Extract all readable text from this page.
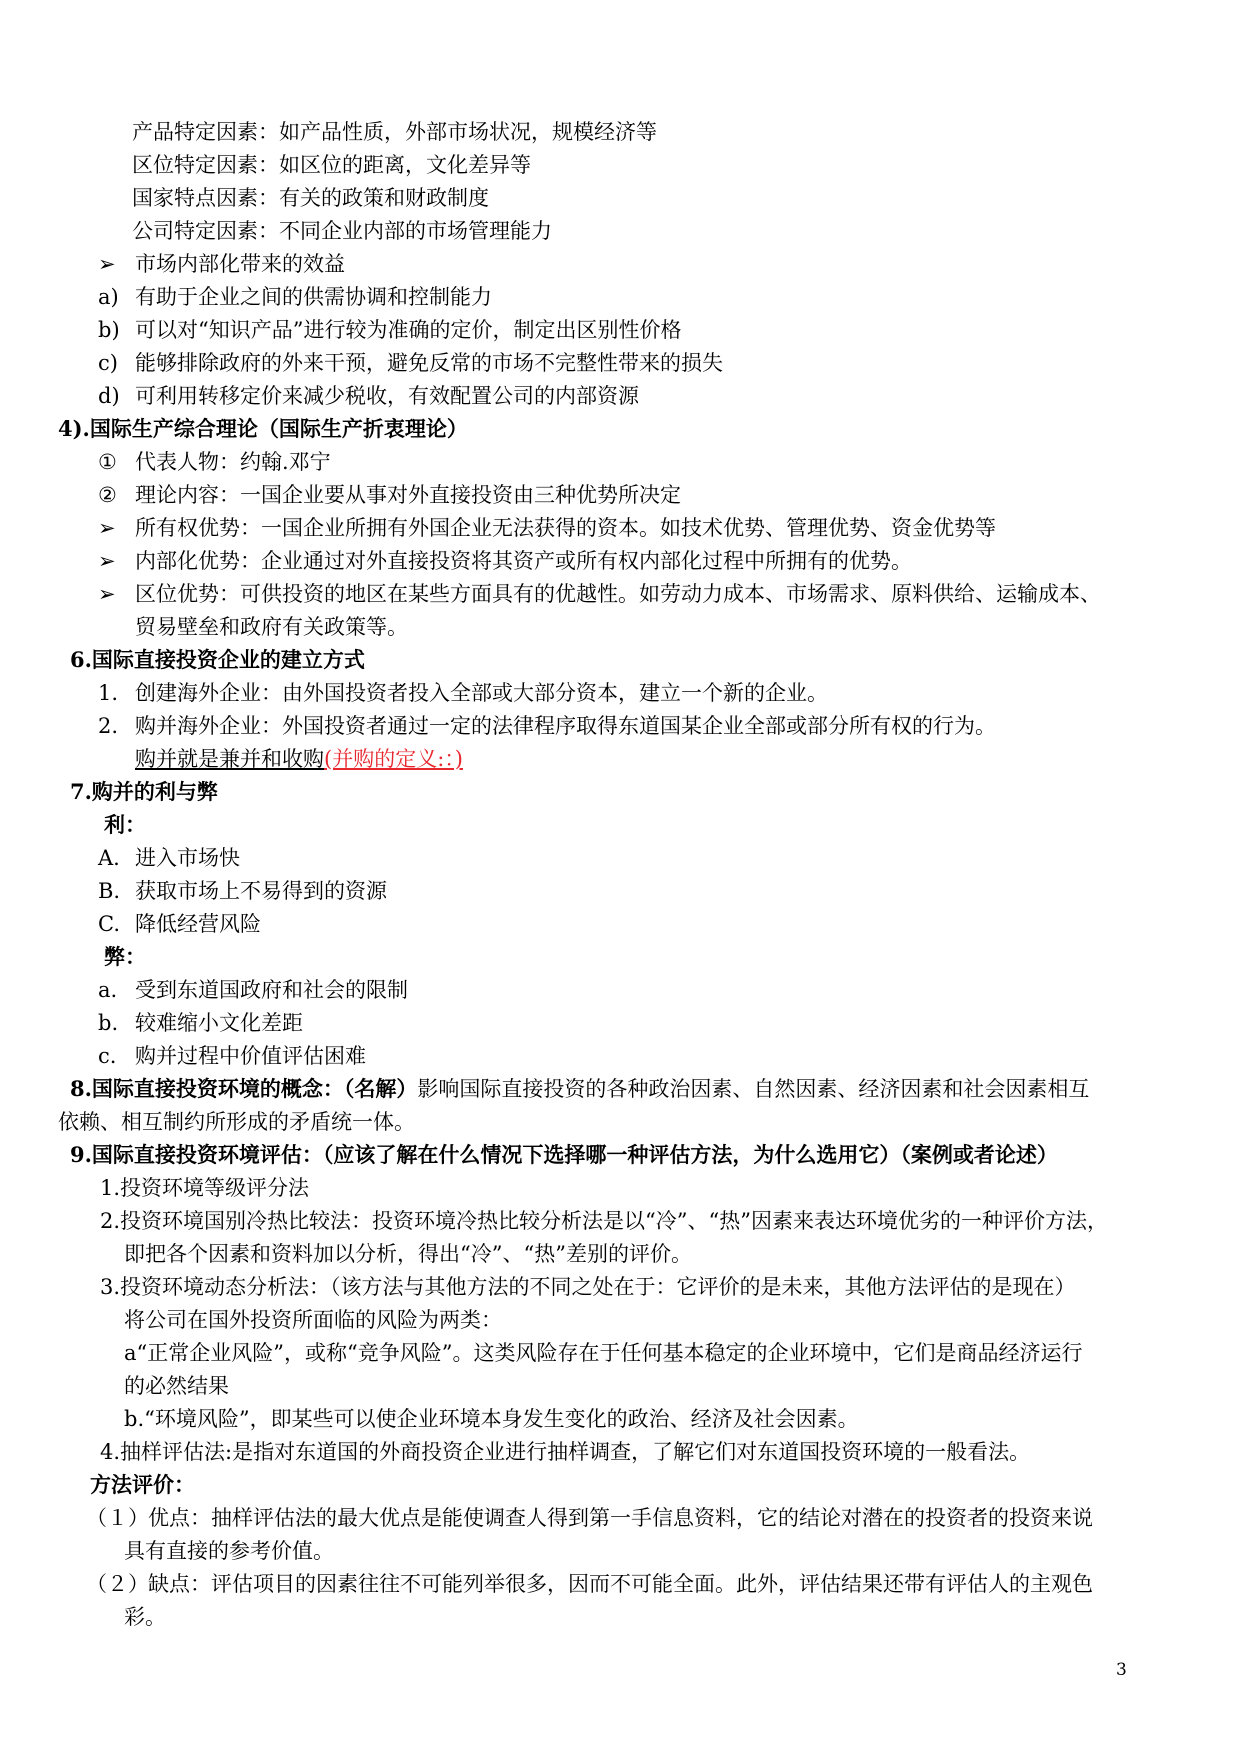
产品特定因素：如产品性质，外部市场状况，规模经济等
区位特定因素：如区位的距离，文化差异等
国家特点因素：有关的政策和财政制度
公司特定因素：不同企业内部的市场管理能力
➢ 市场内部化带来的效益
a) 有助于企业之间的供需协调和控制能力
b) 可以对“知识产品”进行较为准确的定价，制定出区别性价格
c) 能够排除政府的外来干预，避免反常的市场不完整性带来的损失
d) 可利用转移定价来减少税收，有效配置公司的内部资源
4).国际生产综合理论（国际生产折衷理论）
① 代表人物：约翰.邓宁
② 理论内容：一国企业要从事对外直接投资由三种优势所决定
➢ 所有权优势：一国企业所拥有外国企业无法获得的资本。如技术优势、管理优势、资金优势等
➢ 内部化优势：企业通过对外直接投资将其资产或所有权内部化过程中所拥有的优势。
➢ 区位优势：可供投资的地区在某些方面具有的优越性。如劳动力成本、市场需求、原料供给、运输成本、
贸易壁垒和政府有关政策等。
6.国际直接投资企业的建立方式
1. 创建海外企业：由外国投资者投入全部或大部分资本，建立一个新的企业。
2. 购并海外企业：外国投资者通过一定的法律程序取得东道国某企业全部或部分所有权的行为。
购并就是兼并和收购(并购的定义:：)
7.购并的利与弊
利：
A. 进入市场快
B. 获取市场上不易得到的资源
C. 降低经营风险
弊：
a. 受到东道国政府和社会的限制
b. 较难缩小文化差距
c. 购并过程中价值评估困难
8.国际直接投资环境的概念：（名解）影响国际直接投资的各种政治因素、自然因素、经济因素和社会因素相互
依赖、相互制约所形成的矛盾统一体。
9.国际直接投资环境评估：（应该了解在什么情况下选择哪一种评估方法，为什么选用它）（案例或者论述）
1.投资环境等级评分法
2.投资环境国别冷热比较法：投资环境冷热比较分析法是以“冷”、“热”因素来表达环境优劣的一种评价方法，
即把各个因素和资料加以分析，得出“冷”、“热”差别的评价。
3.投资环境动态分析法：（该方法与其他方法的不同之处在于：它评价的是未来，其他方法评估的是现在）
将公司在国外投资所面临的风险为两类：
a“正常企业风险”，或称“竞争风险”。这类风险存在于任何基本稳定的企业环境中，它们是商品经济运行
的必然结果
b.“环境风险”，即某些可以使企业环境本身发生变化的政治、经济及社会因素。
4.抽样评估法:是指对东道国的外商投资企业进行抽样调查，了解它们对东道国投资环境的一般看法。
方法评价：
（１） 优点：抽样评估法的最大优点是能使调查人得到第一手信息资料，它的结论对潜在的投资者的投资来说
具有直接的参考价值。
（２） 缺点：评估项目的因素往往不可能列举很多，因而不可能全面。此外，评估结果还带有评估人的主观色
彩。
3
